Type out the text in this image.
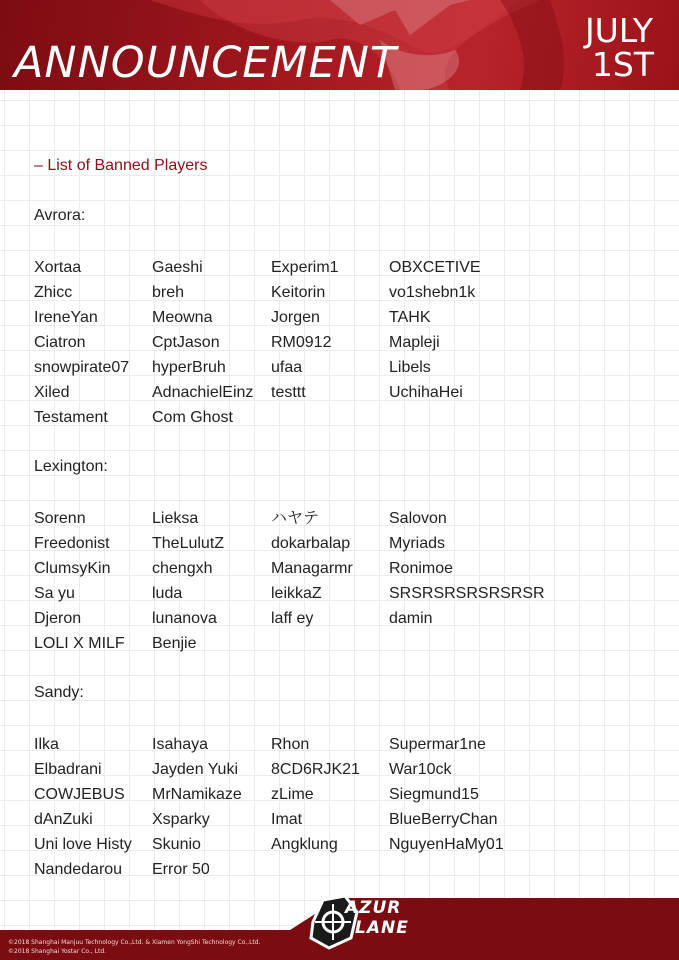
ANNOUNCEMENT
JULY

1ST
– List of Banned Players
Avrora:
Xortaa	Gaeshi	Experim1	OBXCETIVE
Zhicc	breh	Keitorin	vo1shebn1k
IreneYan	Meowna	Jorgen	TAHK
Ciatron	CptJason	RM0912	Mapleji
snowpirate07	hyperBruh	ufaa	Libels
Xiled	AdnachielEinz	testtt	UchihaHei
Testament	Com Ghost
Lexington:
Sorenn	Lieksa	ハヤテ	Salovon
Freedonist	TheLulutZ	dokarbalap	Myriads
ClumsyKin	chengxh	Managarmr	Ronimoe
Sa yu	luda	leikkaZ	SRSRSRSRSRSRSR
Djeron	lunanova	laff ey	damin
LOLI X MILF	Benjie
Sandy:
Ilka	Isahaya	Rhon	Supermar1ne
Elbadrani	Jayden Yuki	8CD6RJK21	War10ck
COWJEBUS	MrNamikaze	zLime	Siegmund15
dAnZuki	Xsparky	Imat	BlueBerryChan
Uni love Histy	Skunio	Angklung	NguyenHaMy01
Nandedarou	Error 50
©2018 Shanghai Manjuu Technology Co.,Ltd. & Xiamen YongShi Technology Co.,Ltd.
©2018 Shanghai Yostar Co., Ltd.
AZUR
LANE
